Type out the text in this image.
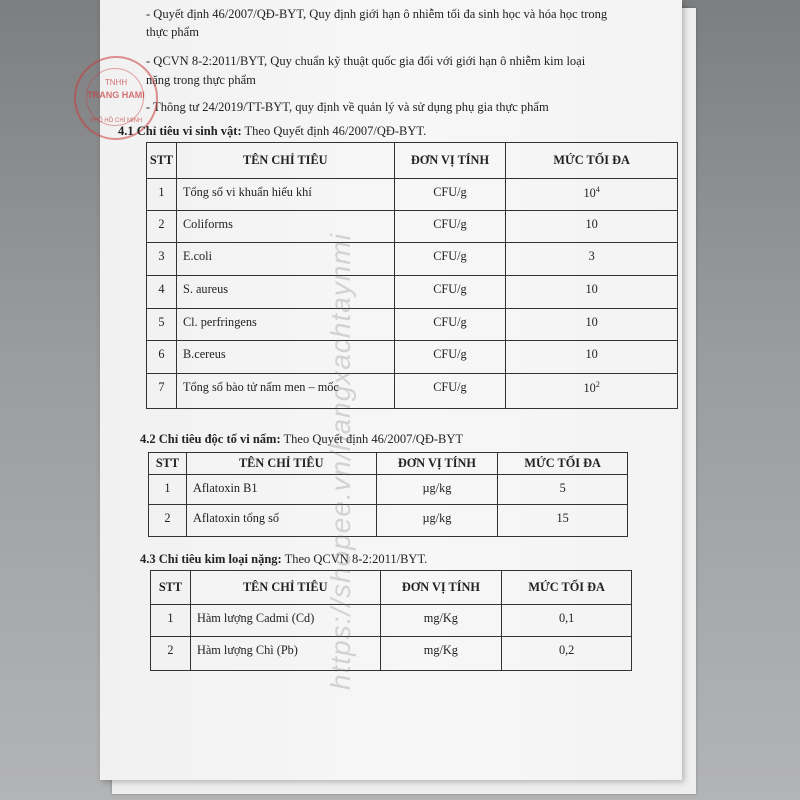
- Quyết định 46/2007/QĐ-BYT, Quy định giới hạn ô nhiễm tối đa sinh học và hóa học trong
thực phẩm
- QCVN 8-2:2011/BYT, Quy chuẩn kỹ thuật quốc gia đối với giới hạn ô nhiễm kim loại
nặng trong thực phẩm
- Thông tư 24/2019/TT-BYT, quy định về quản lý và sử dụng phụ gia thực phẩm
TNHH
TRANG HAMI
PHỐ HỒ CHÍ MINH
4.1 Chỉ tiêu vi sinh vật: Theo Quyết định 46/2007/QĐ-BYT.
STT	TÊN CHỈ TIÊU	ĐƠN VỊ TÍNH	MỨC TỐI ĐA

1	Tổng số vi khuẩn hiếu khí	CFU/g	$10^4$

2	Coliforms	CFU/g	10

3	E.coli	CFU/g	3

4	S. aureus	CFU/g	10

5	Cl. perfringens	CFU/g	10

6	B.cereus	CFU/g	10

7	Tổng số bào tử nấm men – mốc	CFU/g	$10^2$
4.2 Chỉ tiêu độc tố vi nấm: Theo Quyết định 46/2007/QĐ-BYT
STT	TÊN CHỈ TIÊU	ĐƠN VỊ TÍNH	MỨC TỐI ĐA

1	Aflatoxin B1	µg/kg	5

2	Aflatoxin tổng số	µg/kg	15
4.3 Chỉ tiêu kim loại nặng: Theo QCVN 8-2:2011/BYT.
STT	TÊN CHỈ TIÊU	ĐƠN VỊ TÍNH	MỨC TỐI ĐA

1	Hàm lượng Cadmi (Cd)	mg/Kg	0,1

2	Hàm lượng Chì (Pb)	mg/Kg	0,2
https://shopee.vn/hangxachtaynmi
